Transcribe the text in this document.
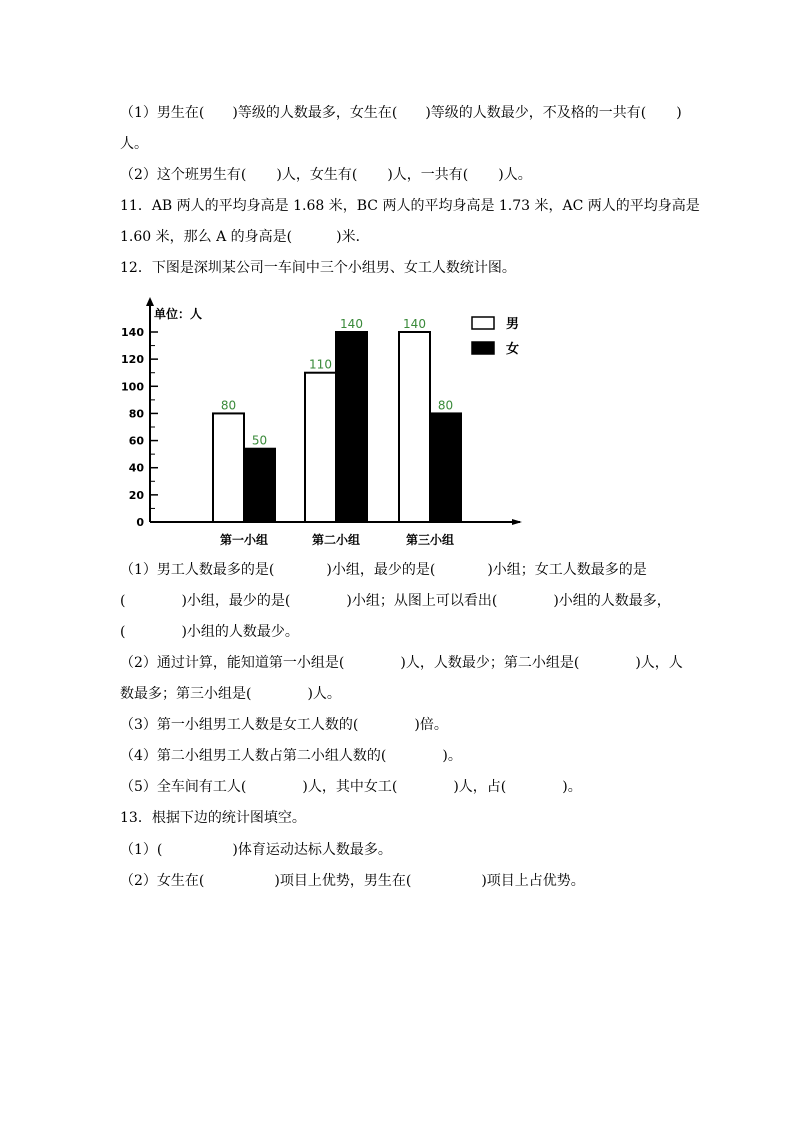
（1）男生在( )等级的人数最多，女生在( )等级的人数最少，不及格的一共有( )
人。
（2）这个班男生有( )人，女生有( )人，一共有( )人。
11．AB 两人的平均身高是 1.68 米，BC 两人的平均身高是 1.73 米，AC 两人的平均身高是
1.60 米，那么 A 的身高是(	)米．
12．下图是深圳某公司一车间中三个小组男、女工人数统计图。
0
20
40
60
80
100
120
140
单位：人
80
50
第一小组
110
140
第二小组
140
80
第三小组
男
女
（1）男工人数最多的是(	)小组，最少的是(	)小组；女工人数最多的是
(	)小组，最少的是(	)小组；从图上可以看出(	)小组的人数最多，
(	)小组的人数最少。
（2）通过计算，能知道第一小组是(	)人，人数最少；第二小组是(	)人，人
数最多；第三小组是(	)人。
（3）第一小组男工人数是女工人数的(	)倍。
（4）第二小组男工人数占第二小组人数的(	)。
（5）全车间有工人(	)人，其中女工(	)人，占(	)。
13．根据下边的统计图填空。
（1）(	)体育运动达标人数最多。
（2）女生在(	)项目上优势，男生在(	)项目上占优势。
